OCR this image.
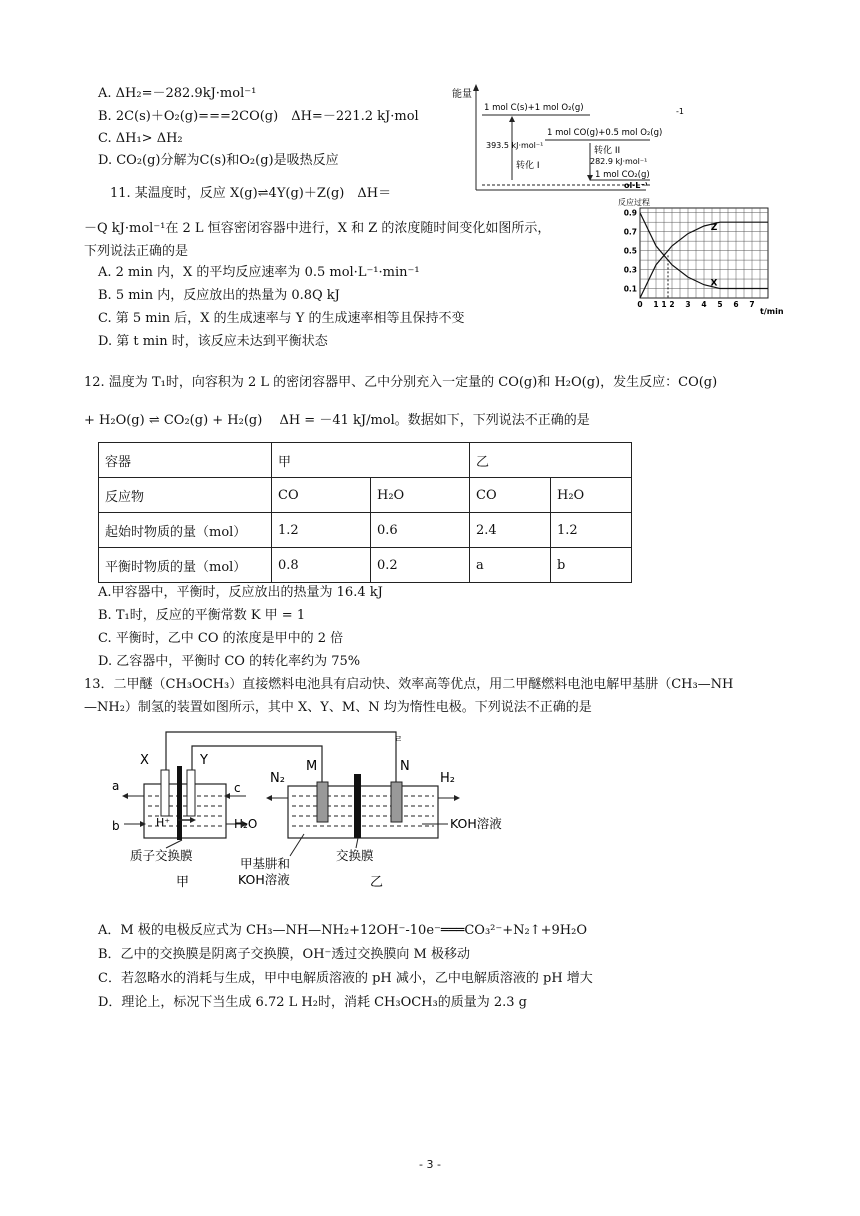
A. ΔH₂=－282.9kJ·mol⁻¹
B. 2C(s)＋O₂(g)===2CO(g)　ΔH=－221.2 kJ·mol
C. ΔH₁> ΔH₂
D. CO₂(g)分解为C(s)和O₂(g)是吸热反应
能量
1 mol C(s)+1 mol O₂(g)	-1
1 mol CO(g)+0.5 mol O₂(g)
1 mol CO₂(g)
393.5 kJ·mol⁻¹
转化 I
转化 II
282.9 kJ·mol⁻¹
ol·L⁻¹
11. 某温度时，反应 X(g)⇌4Y(g)＋Z(g)　ΔH＝
－Q kJ·mol⁻¹在 2 L 恒容密闭容器中进行，X 和 Z 的浓度随时间变化如图所示，
下列说法正确的是
A. 2 min 内，X 的平均反应速率为 0.5 mol·L⁻¹·min⁻¹
B. 5 min 内，反应放出的热量为 0.8Q kJ
C. 第 5 min 后，X 的生成速率与 Y 的生成速率相等且保持不变
D. 第 t min 时，该反应未达到平衡状态
反应过程
Z
X
0.1
0.3
0.5
0.7
0.9
0 1 1 2 3 4 5 6 7
t/min
12. 温度为 T₁时，向容积为 2 L 的密闭容器甲、乙中分别充入一定量的 CO(g)和 H₂O(g)，发生反应：CO(g)
+ H₂O(g) ⇌ CO₂(g) + H₂(g)　 ΔH = －41 kJ/mol。数据如下，下列说法不正确的是
容器	甲		乙	
反应物	CO	H₂O	CO	H₂O
起始时物质的量（mol）	1.2	0.6	2.4	1.2
平衡时物质的量（mol）	0.8	0.2	a	b
A.甲容器中，平衡时，反应放出的热量为 16.4 kJ
B. T₁时，反应的平衡常数 K 甲 = 1
C. 平衡时，乙中 CO 的浓度是甲中的 2 倍
D. 乙容器中，平衡时 CO 的转化率约为 75%
13．二甲醚（CH₃OCH₃）直接燃料电池具有启动快、效率高等优点，用二甲醚燃料电池电解甲基肼（CH₃—NH
—NH₂）制氢的装置如图所示，其中 X、Y、M、N 均为惰性电极。下列说法不正确的是
ㄹ
X	Y
a
b
c
H₂O
H⁺
质子交换膜
甲
M	N
N₂	H₂
KOH溶液
甲基肼和
KOH溶液
交换膜
乙
A．M 极的电极反应式为 CH₃—NH—NH₂+12OH⁻-10e⁻═══CO₃²⁻+N₂↑+9H₂O
B．乙中的交换膜是阴离子交换膜，OH⁻透过交换膜向 M 极移动
C．若忽略水的消耗与生成，甲中电解质溶液的 pH 减小，乙中电解质溶液的 pH 增大
D．理论上，标况下当生成 6.72 L H₂时，消耗 CH₃OCH₃的质量为 2.3 g
- 3 -
